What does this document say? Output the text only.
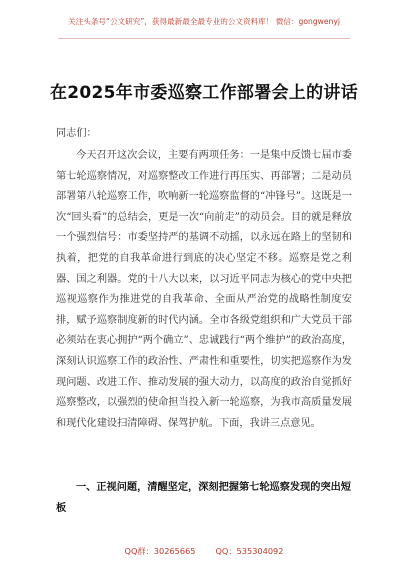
关注头条号“公文研究”，获得最新最全最专业的公文资料库！ 微信：gongwenyj
在2025年市委巡察工作部署会上的讲话
同志们：
今天召开这次会议，主要有两项任务：一是集中反馈七届市委第七轮巡察情况，对巡察整改工作进行再压实、再部署；二是动员部署第八轮巡察工作，吹响新一轮巡察监督的“冲锋号”。这既是一次“回头看”的总结会，更是一次“向前走”的动员会。目的就是释放一个强烈信号：市委坚持严的基调不动摇，以永远在路上的坚韧和执着，把党的自我革命进行到底的决心坚定不移。巡察是党之利器、国之利器。党的十八大以来，以习近平同志为核心的党中央把巡视巡察作为推进党的自我革命、全面从严治党的战略性制度安排，赋予巡察制度新的时代内涵。全市各级党组织和广大党员干部必须站在衷心拥护“两个确立”、忠诚践行“两个维护”的政治高度，深刻认识巡察工作的政治性、严肃性和重要性，切实把巡察作为发现问题、改进工作、推动发展的强大动力，以高度的政治自觉抓好巡察整改，以强烈的使命担当投入新一轮巡察，为我市高质量发展和现代化建设扫清障碍、保驾护航。下面，我讲三点意见。
一、正视问题，清醒坚定，深刻把握第七轮巡察发现的突出短板
QQ群：30265665 QQ：535304092
